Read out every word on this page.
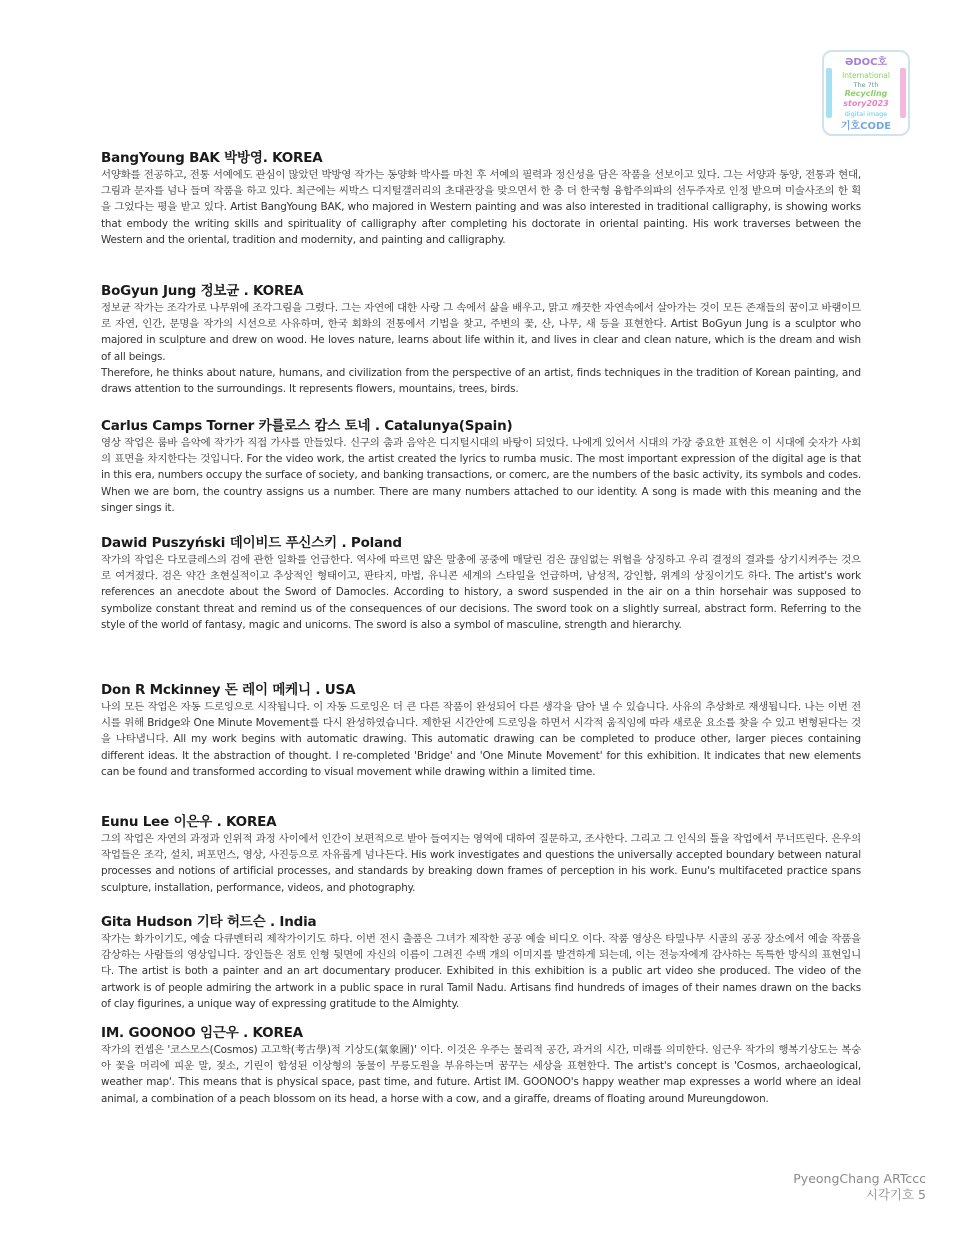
ƏDOC호
International
The 7th
Recycling
story2023
digital image
기호CODE
BangYoung BAK 박방영. KOREA

서양화를 전공하고, 전통 서예에도 관심이 많았던 박방영 작가는 동양화 박사를 마친 후 서예의 필력과 정신성을 담은 작품을 선보이고 있다. 그는 서양과 동양, 전통과 현대, 그림과 문자를 넘나 들며 작품을 하고 있다. 최근에는 씨박스 디지털갤러리의 초대관장을 맞으면서 한 층 더 한국형 융합주의파의 선두주자로 인정 받으며 미술사조의 한 획을 그었다는 평을 받고 있다. Artist BangYoung BAK, who majored in Western painting and was also interested in traditional calligraphy, is showing works that embody the writing skills and spirituality of calligraphy after completing his doctorate in oriental painting. His work traverses between the Western and the oriental, tradition and modernity, and painting and calligraphy.

BoGyun Jung 정보균 . KOREA

정보균 작가는 조각가로 나무위에 조각그림을 그렸다. 그는 자연에 대한 사랑 그 속에서 삶을 배우고, 맑고 깨끗한 자연속에서 살아가는 것이 모든 존재들의 꿈이고 바램이므로 자연, 인간, 문명을 작가의 시선으로 사유하며, 한국 회화의 전통에서 기법을 찾고, 주변의 꽃, 산, 나무, 새 등을 표현한다. Artist BoGyun Jung is a sculptor who majored in sculpture and drew on wood. He loves nature, learns about life within it, and lives in clear and clean nature, which is the dream and wish of all beings.

Therefore, he thinks about nature, humans, and civilization from the perspective of an artist, finds techniques in the tradition of Korean painting, and draws attention to the surroundings. It represents flowers, mountains, trees, birds.

Carlus Camps Torner 카를로스 캄스 토네 . Catalunya(Spain)

영상 작업은 룸바 음악에 작가가 직접 가사를 만들었다. 신구의 춤과 음악은 디지털시대의 바탕이 되었다. 나에게 있어서 시대의 가장 중요한 표현은 이 시대에 숫자가 사회의 표면을 차지한다는 것입니다. For the video work, the artist created the lyrics to rumba music. The most important expression of the digital age is that in this era, numbers occupy the surface of society, and banking transactions, or comerc, are the numbers of the basic activity, its symbols and codes. When we are born, the country assigns us a number. There are many numbers attached to our identity. A song is made with this meaning and the singer sings it.

Dawid Puszyński 데이비드 푸신스키 . Poland

작가의 작업은 다모클레스의 검에 관한 일화를 언급한다. 역사에 따르면 얇은 말총에 공중에 매달린 검은 끊임없는 위협을 상징하고 우리 결정의 결과를 상기시켜주는 것으로 여겨졌다. 검은 약간 초현실적이고 추상적인 형태이고, 판타지, 마법, 유니콘 세계의 스타일을 언급하며, 남성적, 강인함, 위계의 상징이기도 하다. The artist's work references an anecdote about the Sword of Damocles. According to history, a sword suspended in the air on a thin horsehair was supposed to symbolize constant threat and remind us of the consequences of our decisions. The sword took on a slightly surreal, abstract form. Referring to the style of the world of fantasy, magic and unicorns. The sword is also a symbol of masculine, strength and hierarchy.

Don R Mckinney 돈 레이 메케니 . USA

나의 모든 작업은 자동 드로잉으로 시작됩니다. 이 자동 드로잉은 더 큰 다른 작품이 완성되어 다른 생각을 담아 낼 수 있습니다. 사유의 추상화로 재생됩니다. 나는 이번 전시를 위해 Bridge와 One Minute Movement를 다시 완성하였습니다. 제한된 시간안에 드로잉을 하면서 시각적 움직임에 따라 새로운 요소를 찾을 수 있고 변형된다는 것을 나타냅니다. All my work begins with automatic drawing. This automatic drawing can be completed to produce other, larger pieces containing different ideas. It the abstraction of thought. I re-completed 'Bridge' and 'One Minute Movement' for this exhibition. It indicates that new elements can be found and transformed according to visual movement while drawing within a limited time.

Eunu Lee 이은우 . KOREA

그의 작업은 자연의 과정과 인위적 과정 사이에서 인간이 보편적으로 받아 들여지는 영역에 대하여 질문하고, 조사한다. 그리고 그 인식의 틀을 작업에서 무너뜨린다. 은우의 작업들은 조각, 설치, 퍼포먼스, 영상, 사진등으로 자유롭게 넘나든다. His work investigates and questions the universally accepted boundary between natural processes and notions of artificial processes, and standards by breaking down frames of perception in his work. Eunu's multifaceted practice spans sculpture, installation, performance, videos, and photography.

Gita Hudson 기타 허드슨 . India

작가는 화가이기도, 예술 다큐멘터리 제작가이기도 하다. 이번 전시 출품은 그녀가 제작한 공공 예술 비디오 이다. 작품 영상은 타밀나무 시골의 공공 장소에서 예술 작품을 감상하는 사람들의 영상입니다. 장인들은 점토 인형 뒷면에 자신의 이름이 그려진 수백 개의 이미지를 발견하게 되는데, 이는 전능자에게 감사하는 독특한 방식의 표현입니다. The artist is both a painter and an art documentary producer. Exhibited in this exhibition is a public art video she produced. The video of the artwork is of people admiring the artwork in a public space in rural Tamil Nadu. Artisans find hundreds of images of their names drawn on the backs of clay figurines, a unique way of expressing gratitude to the Almighty.

IM. GOONOO 임근우 . KOREA

작가의 컨셉은 '코스모스(Cosmos) 고고학(考古學)적 기상도(氣象圖)' 이다. 이것은 우주는 물리적 공간, 과거의 시간, 미래를 의미한다. 임근우 작가의 행복기상도는 복숭아 꽃을 머리에 피운 말, 젖소, 기린이 합성된 이상형의 동물이 무릉도원을 부유하는며 꿈꾸는 세상을 표현한다. The artist's concept is 'Cosmos, archaeological, weather map'. This means that is physical space, past time, and future. Artist IM. GOONOO's happy weather map expresses a world where an ideal animal, a combination of a peach blossom on its head, a horse with a cow, and a giraffe, dreams of floating around Mureungdowon.

PyeongChang ARTccc
시각기호 5
